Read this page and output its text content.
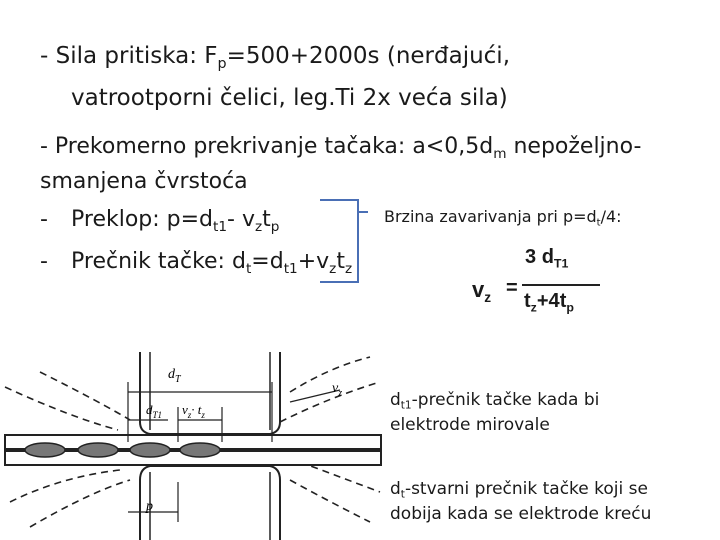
- Sila pritiska: $F_p=500+2000s$ (nerđajući,
vatrootporni čelici, leg.Ti 2x veća sila)
- Prekomerno prekrivanje tačaka: $a<0,5d_m$ nepoželjno-
smanjena čvrstoća
- Preklop: $p=d_{t1}-$ $v_zt_p$
- Prečnik tačke: $d_t=d_{t1}+v_zt_z$
Brzina zavarivanja pri $p=d_t/4$:
3 $d_{T1}$
$v_z$ =
$t_z+4t_p$
$d_T$
$d_{T1}$ $v_z\cdot t_z$
$v_z$
p
$d_{t1}$-prečnik tačke kada bi
elektrode mirovale
$d_t$-stvarni prečnik tačke koji se
dobija kada se elektrode kreću
